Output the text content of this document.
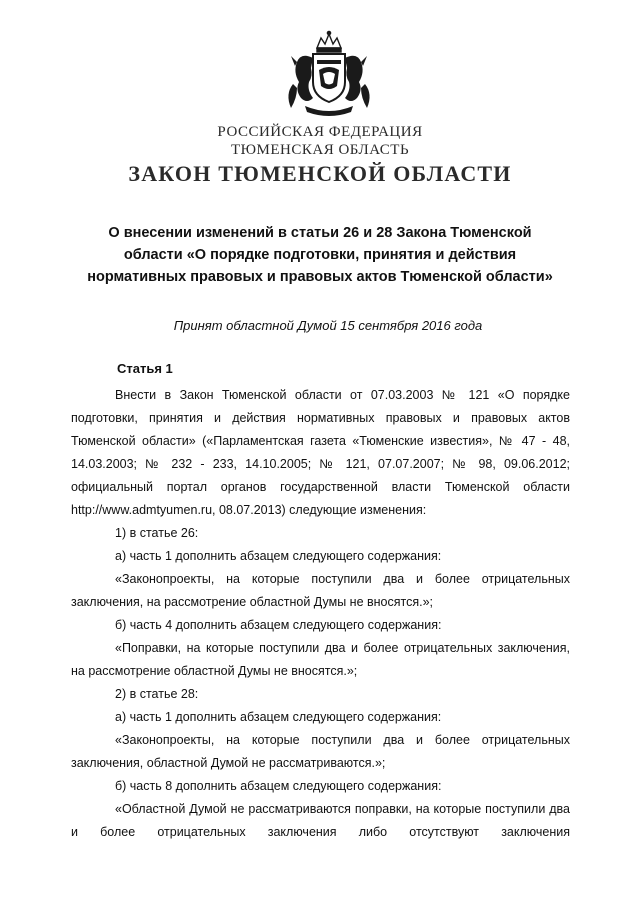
РОССИЙСКАЯ ФЕДЕРАЦИЯ
ТЮМЕНСКАЯ ОБЛАСТЬ
ЗАКОН ТЮМЕНСКОЙ ОБЛАСТИ
О внесении изменений в статьи 26 и 28 Закона Тюменской
области «О порядке подготовки, принятия и действия
нормативных правовых и правовых актов Тюменской области»
Принят областной Думой 15 сентября 2016 года
Статья 1

Внести в Закон Тюменской области от 07.03.2003 № 121 «О порядке подготовки, принятия и действия нормативных правовых и правовых актов Тюменской области» («Парламентская газета «Тюменские известия», № 47 - 48, 14.03.2003; № 232 - 233, 14.10.2005; № 121, 07.07.2007; № 98, 09.06.2012; официальный портал органов государственной власти Тюменской области http://www.admtyumen.ru, 08.07.2013) следующие изменения:

1) в статье 26:

а) часть 1 дополнить абзацем следующего содержания:

«Законопроекты, на которые поступили два и более отрицательных заключения, на рассмотрение областной Думы не вносятся.»;

б) часть 4 дополнить абзацем следующего содержания:

«Поправки, на которые поступили два и более отрицательных заключения, на рассмотрение областной Думы не вносятся.»;

2) в статье 28:

а) часть 1 дополнить абзацем следующего содержания:

«Законопроекты, на которые поступили два и более отрицательных заключения, областной Думой не рассматриваются.»;

б) часть 8 дополнить абзацем следующего содержания:

«Областной Думой не рассматриваются поправки, на которые поступили два и более отрицательных заключения либо отсутствуют заключения
